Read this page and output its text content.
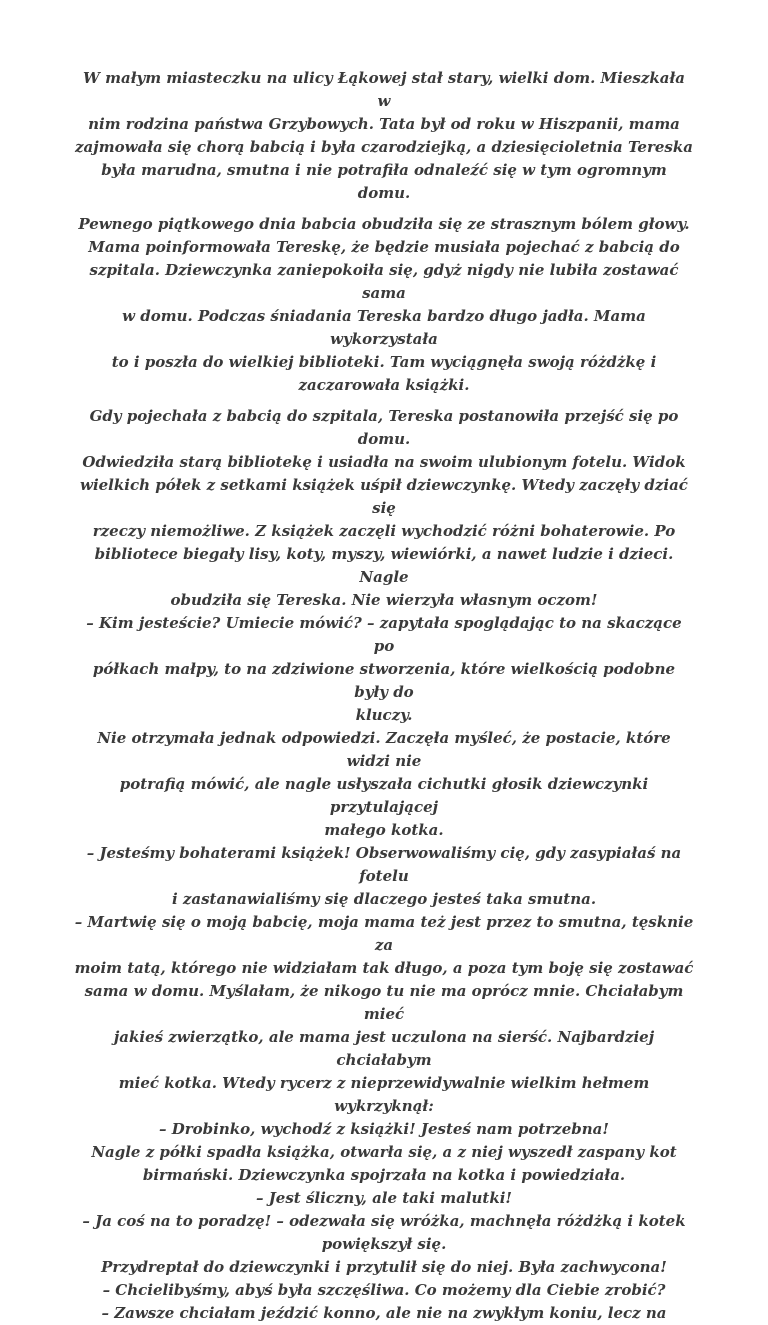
W małym miasteczku na ulicy Łąkowej stał stary, wielki dom. Mieszkała w
nim rodzina państwa Grzybowych. Tata był od roku w Hiszpanii, mama
zajmowała się chorą babcią i była czarodziejką, a dziesięcioletnia Tereska
była marudna, smutna i nie potrafiła odnaleźć się w tym ogromnym domu.
Pewnego piątkowego dnia babcia obudziła się ze strasznym bólem głowy.
Mama poinformowała Tereskę, że będzie musiała pojechać z babcią do
szpitala. Dziewczynka zaniepokoiła się, gdyż nigdy nie lubiła zostawać sama
w domu. Podczas śniadania Tereska bardzo długo jadła. Mama wykorzystała
to i poszła do wielkiej biblioteki. Tam wyciągnęła swoją różdżkę i
zaczarowała książki.
Gdy pojechała z babcią do szpitala, Tereska postanowiła przejść się po domu.
Odwiedziła starą bibliotekę i usiadła na swoim ulubionym fotelu. Widok
wielkich półek z setkami książek uśpił dziewczynkę. Wtedy zaczęły dziać się
rzeczy niemożliwe. Z książek zaczęli wychodzić różni bohaterowie. Po
bibliotece biegały lisy, koty, myszy, wiewiórki, a nawet ludzie i dzieci. Nagle
obudziła się Tereska. Nie wierzyła własnym oczom!
– Kim jesteście? Umiecie mówić? – zapytała spoglądając to na skaczące po
półkach małpy, to na zdziwione stworzenia, które wielkością podobne były do
kluczy.
Nie otrzymała jednak odpowiedzi. Zaczęła myśleć, że postacie, które widzi nie
potrafią mówić, ale nagle usłyszała cichutki głosik dziewczynki przytulającej
małego kotka.
– Jesteśmy bohaterami książek! Obserwowaliśmy cię, gdy zasypiałaś na fotelu
i zastanawialiśmy się dlaczego jesteś taka smutna.
– Martwię się o moją babcię, moja mama też jest przez to smutna, tęsknie za
moim tatą, którego nie widziałam tak długo, a poza tym boję się zostawać
sama w domu. Myślałam, że nikogo tu nie ma oprócz mnie. Chciałabym mieć
jakieś zwierzątko, ale mama jest uczulona na sierść. Najbardziej chciałabym
mieć kotka. Wtedy rycerz z nieprzewidywalnie wielkim hełmem wykrzyknął:
– Drobinko, wychodź z książki! Jesteś nam potrzebna!
Nagle z półki spadła książka, otwarła się, a z niej wyszedł zaspany kot
birmański. Dziewczynka spojrzała na kotka i powiedziała.
– Jest śliczny, ale taki malutki!
– Ja coś na to poradzę! – odezwała się wróżka, machnęła różdżką i kotek
powiększył się.
Przydreptał do dziewczynki i przytulił się do niej. Była zachwycona!
– Chcielibyśmy, abyś była szczęśliwa. Co możemy dla Ciebie zrobić?
– Zawsze chciałam jeździć konno, ale nie na zwykłym koniu, lecz na
